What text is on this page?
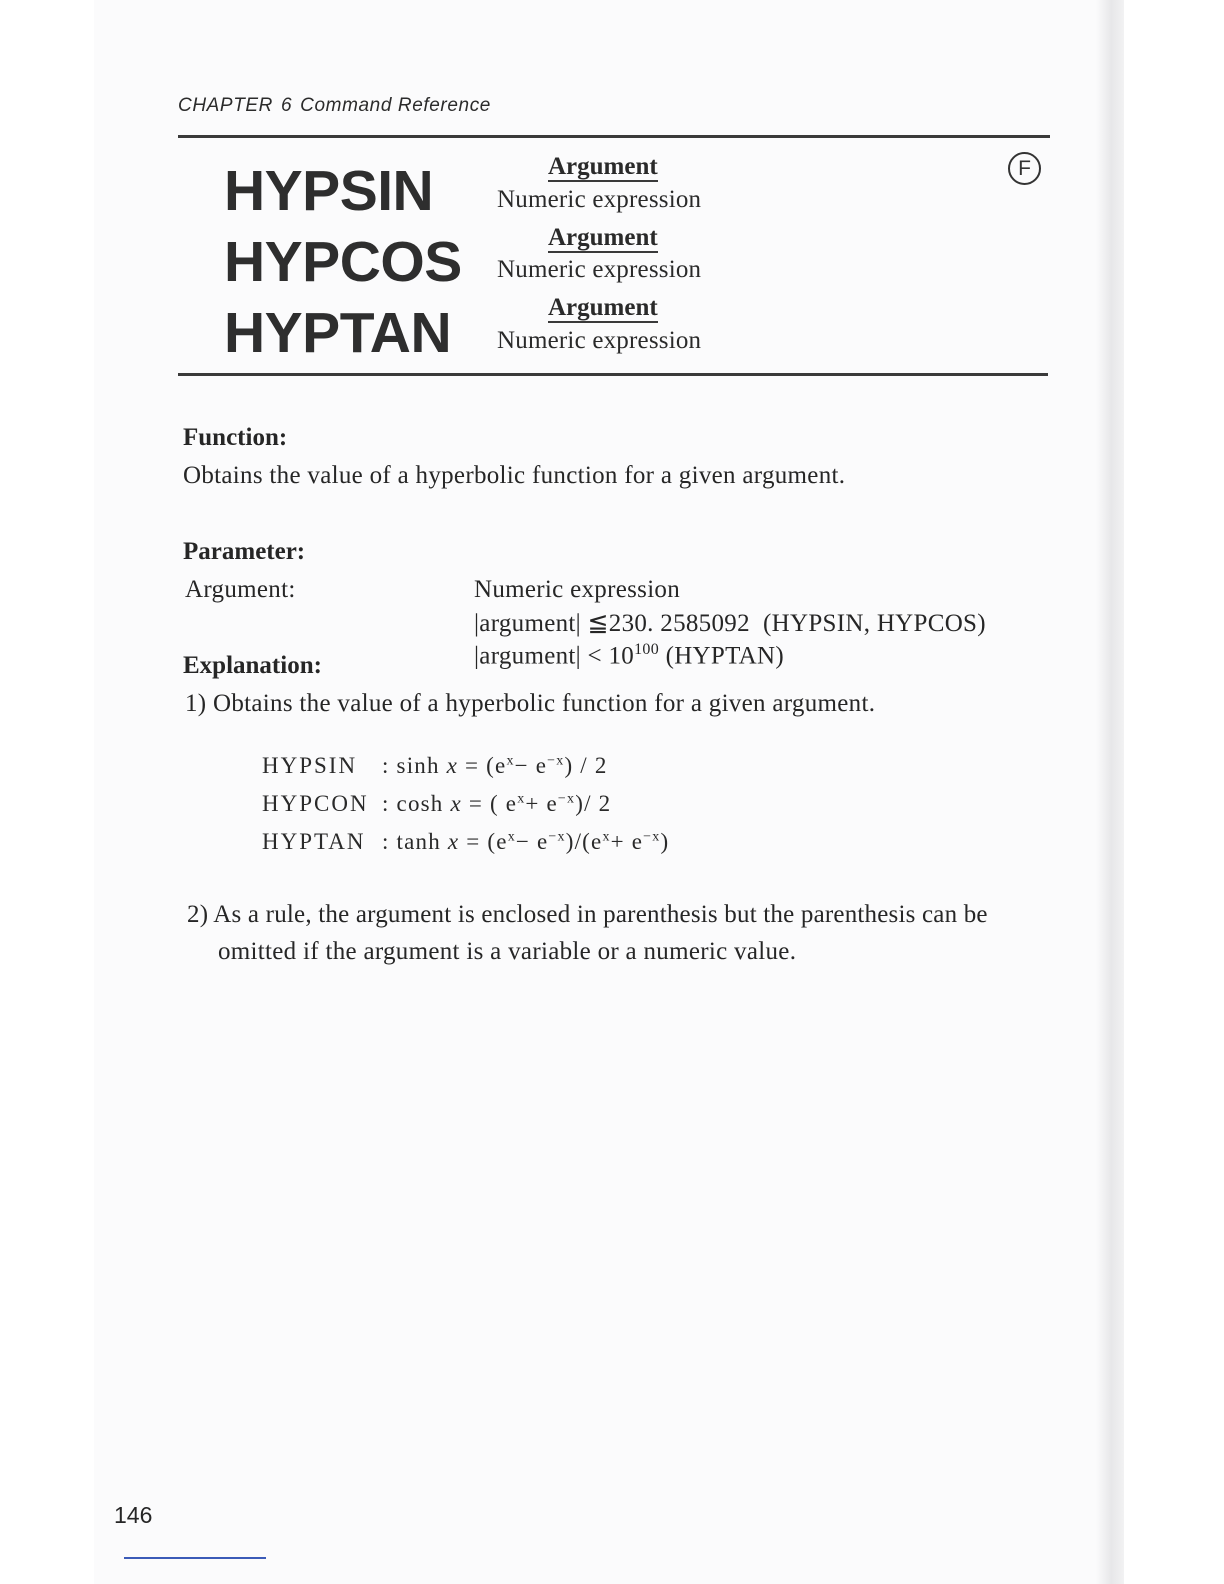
CHAPTER 6 Command Reference
HYPSIN
HYPCOS
HYPTAN
Argument
Numeric expression
Argument
Numeric expression
Argument
Numeric expression
F
Function:
Obtains the value of a hyperbolic function for a given argument.
Parameter:
Argument:	Numeric expression
|argument| ≦230. 2585092 (HYPSIN, HYPCOS)
|argument| < $10^{100}$ (HYPTAN)
Explanation:
1) Obtains the value of a hyperbolic function for a given argument.
HYPSIN : $\sinh x = (e^x- e^{-x}) / 2$
HYPCON : cosh x = ( $e^x+ e^{-x})/$ 2
HYPTAN : $\tanh x = (e^x- e^{-x})/(e^x+ e^{-x})$
2) As a rule, the argument is enclosed in parenthesis but the parenthesis can be
omitted if the argument is a variable or a numeric value.
146
